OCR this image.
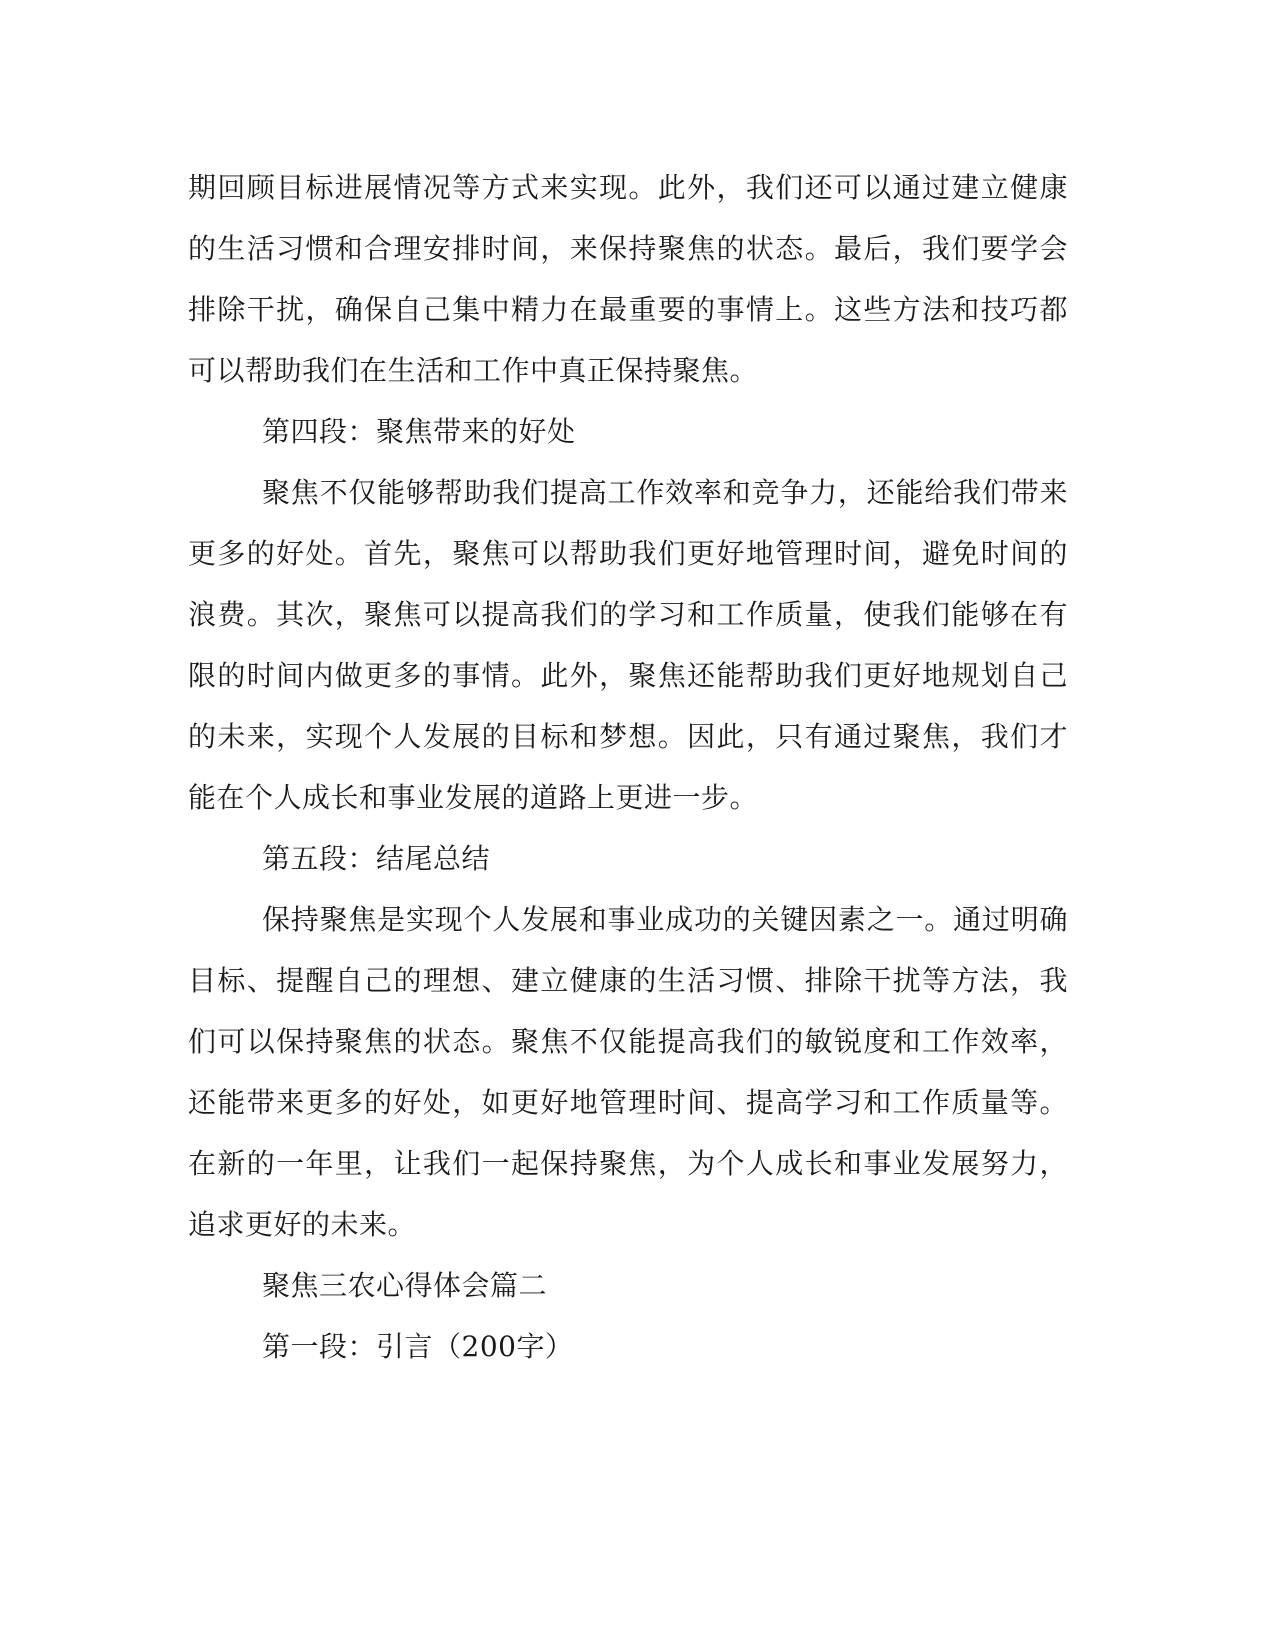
期回顾目标进展情况等方式来实现。此外，我们还可以通过建立健康的生活习惯和合理安排时间，来保持聚焦的状态。最后，我们要学会排除干扰，确保自己集中精力在最重要的事情上。这些方法和技巧都可以帮助我们在生活和工作中真正保持聚焦。

第四段：聚焦带来的好处

聚焦不仅能够帮助我们提高工作效率和竞争力，还能给我们带来更多的好处。首先，聚焦可以帮助我们更好地管理时间，避免时间的浪费。其次，聚焦可以提高我们的学习和工作质量，使我们能够在有限的时间内做更多的事情。此外，聚焦还能帮助我们更好地规划自己的未来，实现个人发展的目标和梦想。因此，只有通过聚焦，我们才能在个人成长和事业发展的道路上更进一步。

第五段：结尾总结

保持聚焦是实现个人发展和事业成功的关键因素之一。通过明确目标、提醒自己的理想、建立健康的生活习惯、排除干扰等方法，我们可以保持聚焦的状态。聚焦不仅能提高我们的敏锐度和工作效率，还能带来更多的好处，如更好地管理时间、提高学习和工作质量等。在新的一年里，让我们一起保持聚焦，为个人成长和事业发展努力，追求更好的未来。

聚焦三农心得体会篇二

第一段：引言（200字）
